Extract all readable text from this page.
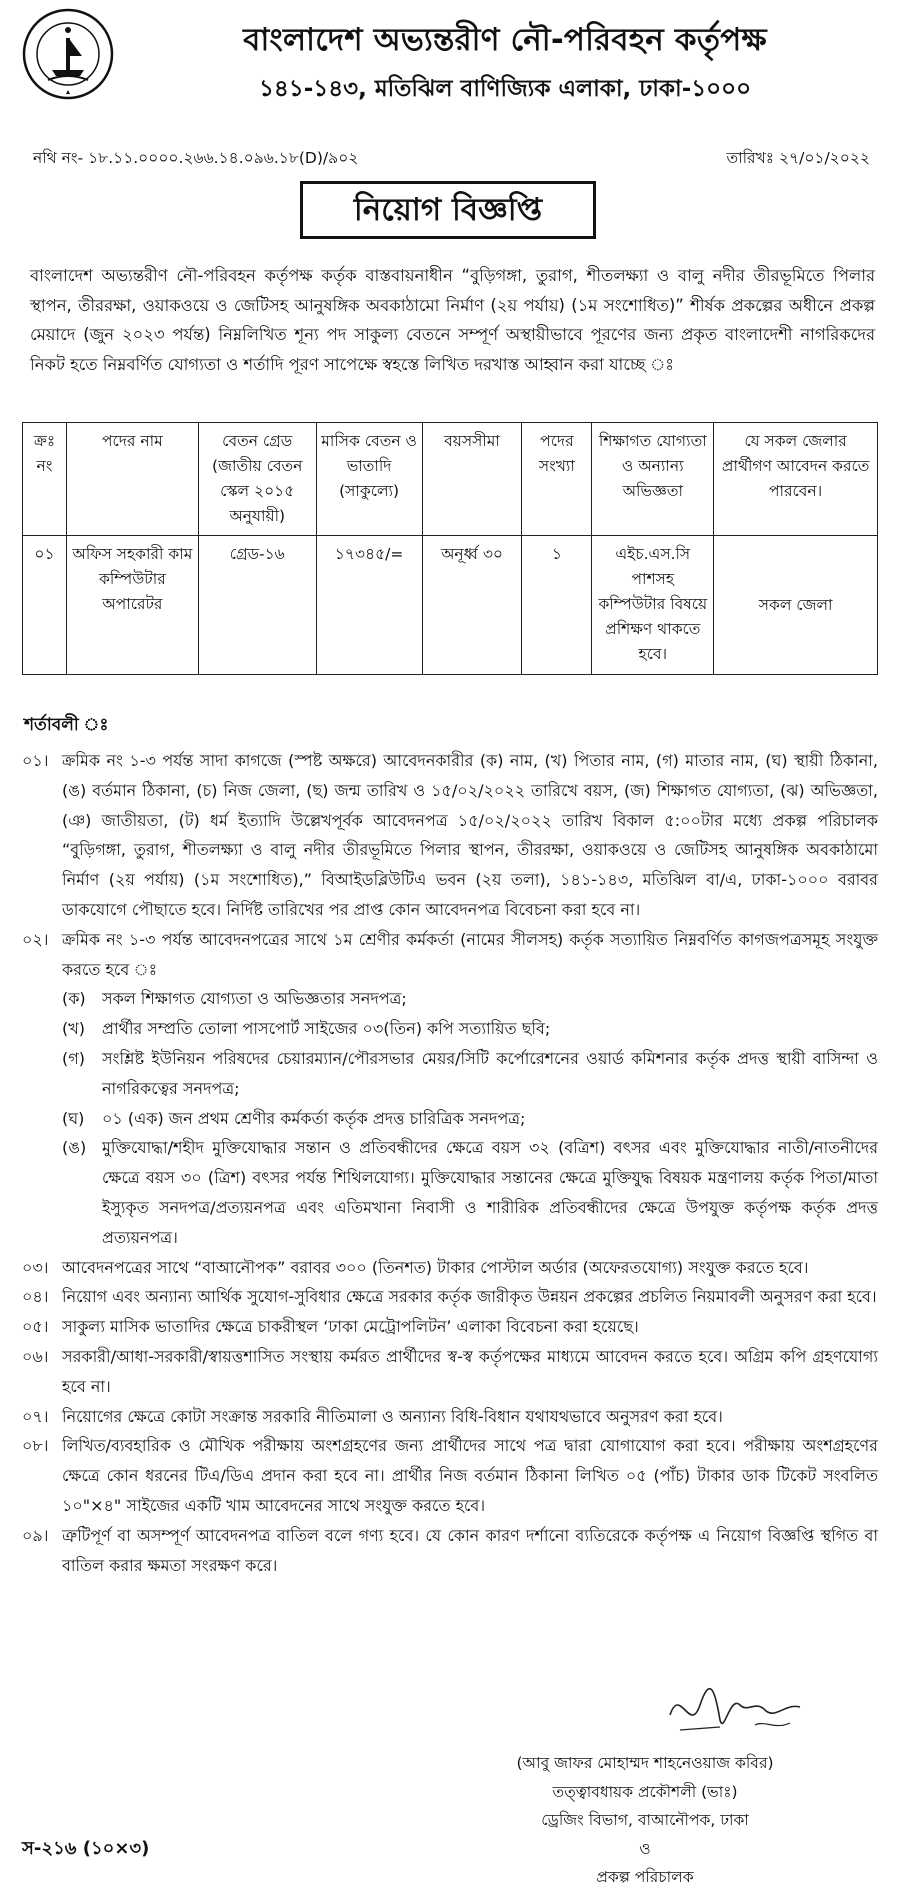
বাংলাদেশ অভ্যন্তরীণ নৌ-পরিবহন কর্তৃপক্ষ
১৪১-১৪৩, মতিঝিল বাণিজ্যিক এলাকা, ঢাকা-১০০০
নথি নং- ১৮.১১.০০০০.২৬৬.১৪.০৯৬.১৮(D)/৯০২	তারিখঃ ২৭/০১/২০২২
নিয়োগ বিজ্ঞপ্তি
বাংলাদেশ অভ্যন্তরীণ নৌ-পরিবহন কর্তৃপক্ষ কর্তৃক বাস্তবায়নাধীন “বুড়িগঙ্গা, তুরাগ, শীতলক্ষ্যা ও বালু নদীর তীরভূমিতে পিলার স্থাপন, তীররক্ষা, ওয়াকওয়ে ও জেটিসহ আনুষঙ্গিক অবকাঠামো নির্মাণ (২য় পর্যায়) (১ম সংশোধিত)” শীর্ষক প্রকল্পের অধীনে প্রকল্প মেয়াদে (জুন ২০২৩ পর্যন্ত) নিম্নলিখিত শূন্য পদ সাকুল্য বেতনে সম্পূর্ণ অস্থায়ীভাবে পূরণের জন্য প্রকৃত বাংলাদেশী নাগরিকদের নিকট হতে নিম্নবর্ণিত যোগ্যতা ও শর্তাদি পূরণ সাপেক্ষে স্বহস্তে লিখিত দরখাস্ত আহ্বান করা যাচ্ছে ঃ
ক্রঃ নং	পদের নাম	বেতন গ্রেড (জাতীয় বেতন স্কেল ২০১৫ অনুযায়ী)	মাসিক বেতন ও ভাতাদি (সাকুল্যে)	বয়সসীমা	পদের সংখ্যা	শিক্ষাগত যোগ্যতা ও অন্যান্য অভিজ্ঞতা	যে সকল জেলার প্রার্থীগণ আবেদন করতে পারবেন।
০১	অফিস সহকারী কাম কম্পিউটার অপারেটর	গ্রেড-১৬	১৭৩৪৫/=	অনূর্ধ্ব ৩০	১	এইচ.এস.সি পাশসহ কম্পিউটার বিষয়ে প্রশিক্ষণ থাকতে হবে।	সকল জেলা
শর্তাবলী ঃ
০১। ক্রমিক নং ১-৩ পর্যন্ত সাদা কাগজে (স্পষ্ট অক্ষরে) আবেদনকারীর (ক) নাম, (খ) পিতার নাম, (গ) মাতার নাম, (ঘ) স্থায়ী ঠিকানা, (ঙ) বর্তমান ঠিকানা, (চ) নিজ জেলা, (ছ) জন্ম তারিখ ও ১৫/০২/২০২২ তারিখে বয়স, (জ) শিক্ষাগত যোগ্যতা, (ঝ) অভিজ্ঞতা, (ঞ) জাতীয়তা, (ট) ধর্ম ইত্যাদি উল্লেখপূর্বক আবেদনপত্র ১৫/০২/২০২২ তারিখ বিকাল ৫:০০টার মধ্যে প্রকল্প পরিচালক “বুড়িগঙ্গা, তুরাগ, শীতলক্ষ্যা ও বালু নদীর তীরভূমিতে পিলার স্থাপন, তীররক্ষা, ওয়াকওয়ে ও জেটিসহ আনুষঙ্গিক অবকাঠামো নির্মাণ (২য় পর্যায়) (১ম সংশোধিত),” বিআইডব্লিউটিএ ভবন (২য় তলা), ১৪১-১৪৩, মতিঝিল বা/এ, ঢাকা-১০০০ বরাবর ডাকযোগে পৌছাতে হবে। নির্দিষ্ট তারিখের পর প্রাপ্ত কোন আবেদনপত্র বিবেচনা করা হবে না।
০২। ক্রমিক নং ১-৩ পর্যন্ত আবেদনপত্রের সাথে ১ম শ্রেণীর কর্মকর্তা (নামের সীলসহ) কর্তৃক সত্যায়িত নিম্নবর্ণিত কাগজপত্রসমূহ সংযুক্ত করতে হবে ঃ
(ক)	সকল শিক্ষাগত যোগ্যতা ও অভিজ্ঞতার সনদপত্র;
(খ)	প্রার্থীর সম্প্রতি তোলা পাসপোর্ট সাইজের ০৩(তিন) কপি সত্যায়িত ছবি;
(গ)	সংশ্লিষ্ট ইউনিয়ন পরিষদের চেয়ারম্যান/পৌরসভার মেয়র/সিটি কর্পোরেশনের ওয়ার্ড কমিশনার কর্তৃক প্রদত্ত স্থায়ী বাসিন্দা ও নাগরিকত্বের সনদপত্র;
(ঘ)	০১ (এক) জন প্রথম শ্রেণীর কর্মকর্তা কর্তৃক প্রদত্ত চারিত্রিক সনদপত্র;
(ঙ) মুক্তিযোদ্ধা/শহীদ মুক্তিযোদ্ধার সন্তান ও প্রতিবন্ধীদের ক্ষেত্রে বয়স ৩২ (বত্রিশ) বৎসর এবং মুক্তিযোদ্ধার নাতী/নাতনীদের ক্ষেত্রে বয়স ৩০ (ত্রিশ) বৎসর পর্যন্ত শিথিলযোগ্য। মুক্তিযোদ্ধার সন্তানের ক্ষেত্রে মুক্তিযুদ্ধ বিষয়ক মন্ত্রণালয় কর্তৃক পিতা/মাতা ইস্যুকৃত সনদপত্র/প্রত্যয়নপত্র এবং এতিমখানা নিবাসী ও শারীরিক প্রতিবন্ধীদের ক্ষেত্রে উপযুক্ত কর্তৃপক্ষ কর্তৃক প্রদত্ত প্রত্যয়নপত্র।
০৩। আবেদনপত্রের সাথে “বাআনৌপক” বরাবর ৩০০ (তিনশত) টাকার পোস্টাল অর্ডার (অফেরতযোগ্য) সংযুক্ত করতে হবে।
০৪। নিয়োগ এবং অন্যান্য আর্থিক সুযোগ-সুবিধার ক্ষেত্রে সরকার কর্তৃক জারীকৃত উন্নয়ন প্রকল্পের প্রচলিত নিয়মাবলী অনুসরণ করা হবে।
০৫। সাকুল্য মাসিক ভাতাদির ক্ষেত্রে চাকরীস্থল ‘ঢাকা মেট্রোপলিটন’ এলাকা বিবেচনা করা হয়েছে।
০৬। সরকারী/আধা-সরকারী/স্বায়ত্তশাসিত সংস্থায় কর্মরত প্রার্থীদের স্ব-স্ব কর্তৃপক্ষের মাধ্যমে আবেদন করতে হবে। অগ্রিম কপি গ্রহণযোগ্য হবে না।
০৭। নিয়োগের ক্ষেত্রে কোটা সংক্রান্ত সরকারি নীতিমালা ও অন্যান্য বিধি-বিধান যথাযথভাবে অনুসরণ করা হবে।
০৮। লিখিত/ব্যবহারিক ও মৌখিক পরীক্ষায় অংশগ্রহণের জন্য প্রার্থীদের সাথে পত্র দ্বারা যোগাযোগ করা হবে। পরীক্ষায় অংশগ্রহণের ক্ষেত্রে কোন ধরনের টিএ/ডিএ প্রদান করা হবে না। প্রার্থীর নিজ বর্তমান ঠিকানা লিখিত ০৫ (পাঁচ) টাকার ডাক টিকেট সংবলিত ১০"×৪" সাইজের একটি খাম আবেদনের সাথে সংযুক্ত করতে হবে।
০৯। ত্রুটিপূর্ণ বা অসম্পূর্ণ আবেদনপত্র বাতিল বলে গণ্য হবে। যে কোন কারণ দর্শানো ব্যতিরেকে কর্তৃপক্ষ এ নিয়োগ বিজ্ঞপ্তি স্থগিত বা বাতিল করার ক্ষমতা সংরক্ষণ করে।
(আবু জাফর মোহাম্মদ শাহনেওয়াজ কবির)
তত্ত্বাবধায়ক প্রকৌশলী (ভাঃ)
ড্রেজিং বিভাগ, বাআনৌপক, ঢাকা
ও
প্রকল্প পরিচালক
স-২১৬ (১০×৩)
